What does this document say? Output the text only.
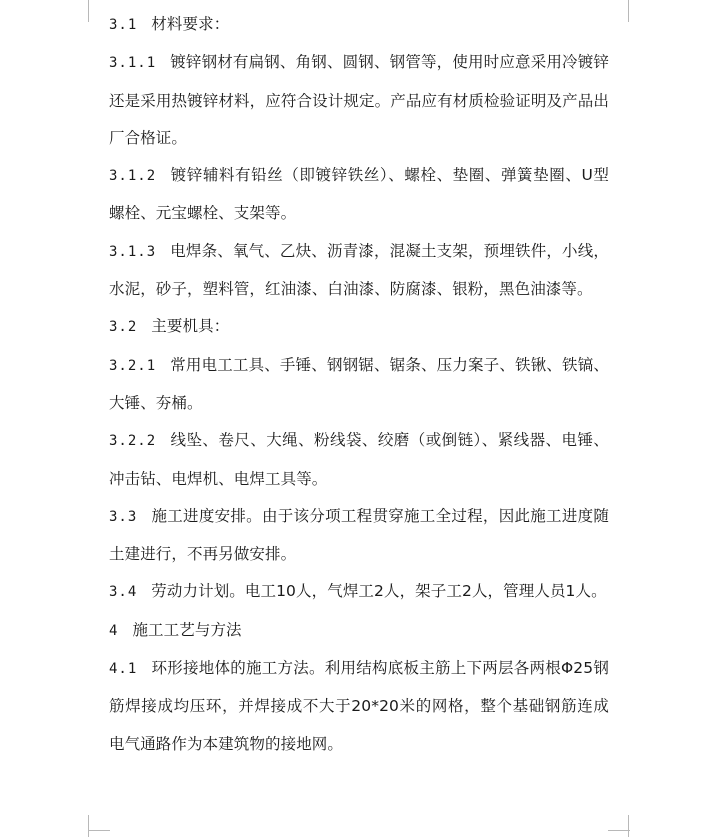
3.1 材料要求：

3.1.1 镀锌钢材有扁钢、角钢、圆钢、钢管等，使用时应意采用冷镀锌还是采用热镀锌材料，应符合设计规定。产品应有材质检验证明及产品出厂合格证。

3.1.2 镀锌辅料有铅丝（即镀锌铁丝）、螺栓、垫圈、弹簧垫圈、U型螺栓、元宝螺栓、支架等。

3.1.3 电焊条、氧气、乙炔、沥青漆，混凝土支架，预埋铁件，小线，水泥，砂子，塑料管，红油漆、白油漆、防腐漆、银粉，黑色油漆等。

3.2 主要机具：

3.2.1 常用电工工具、手锤、钢钢锯、锯条、压力案子、铁锹、铁镐、大锤、夯桶。

3.2.2 线坠、卷尺、大绳、粉线袋、绞磨（或倒链）、紧线器、电锤、冲击钻、电焊机、电焊工具等。

3.3 施工进度安排。由于该分项工程贯穿施工全过程，因此施工进度随土建进行，不再另做安排。

3.4 劳动力计划。电工10人，气焊工2人，架子工2人，管理人员1人。

4 施工工艺与方法

4.1 环形接地体的施工方法。利用结构底板主筋上下两层各两根Φ25钢筋焊接成均压环，并焊接成不大于20*20米的网格，整个基础钢筋连成电气通路作为本建筑物的接地网。
